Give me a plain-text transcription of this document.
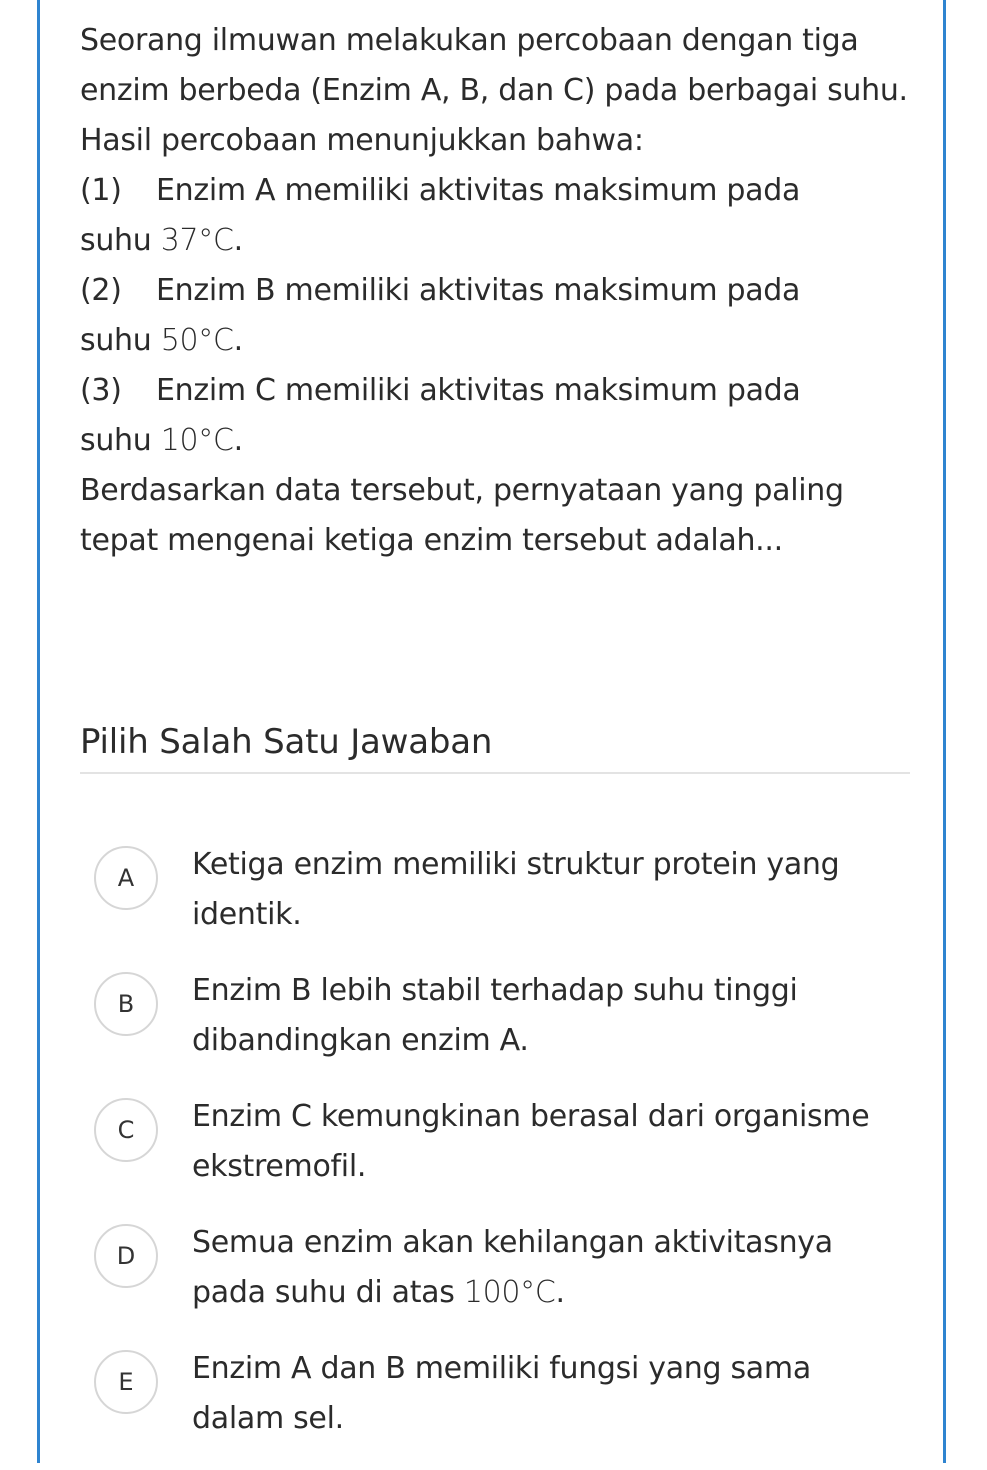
Seorang ilmuwan melakukan percobaan dengan tiga enzim berbeda (Enzim A, B, dan C) pada berbagai suhu. Hasil percobaan menunjukkan bahwa:

(1) Enzim A memiliki aktivitas maksimum pada
suhu 37°C.
(2) Enzim B memiliki aktivitas maksimum pada
suhu 50°C.
(3) Enzim C memiliki aktivitas maksimum pada
suhu 10°C.

Berdasarkan data tersebut, pernyataan yang paling tepat mengenai ketiga enzim tersebut adalah...

Pilih Salah Satu Jawaban
A	Ketiga enzim memiliki struktur protein yang identik.
B	Enzim B lebih stabil terhadap suhu tinggi dibandingkan enzim A.
C	Enzim C kemungkinan berasal dari organisme ekstremofil.
D	Semua enzim akan kehilangan aktivitasnya pada suhu di atas 100°C.
E	Enzim A dan B memiliki fungsi yang sama dalam sel.
